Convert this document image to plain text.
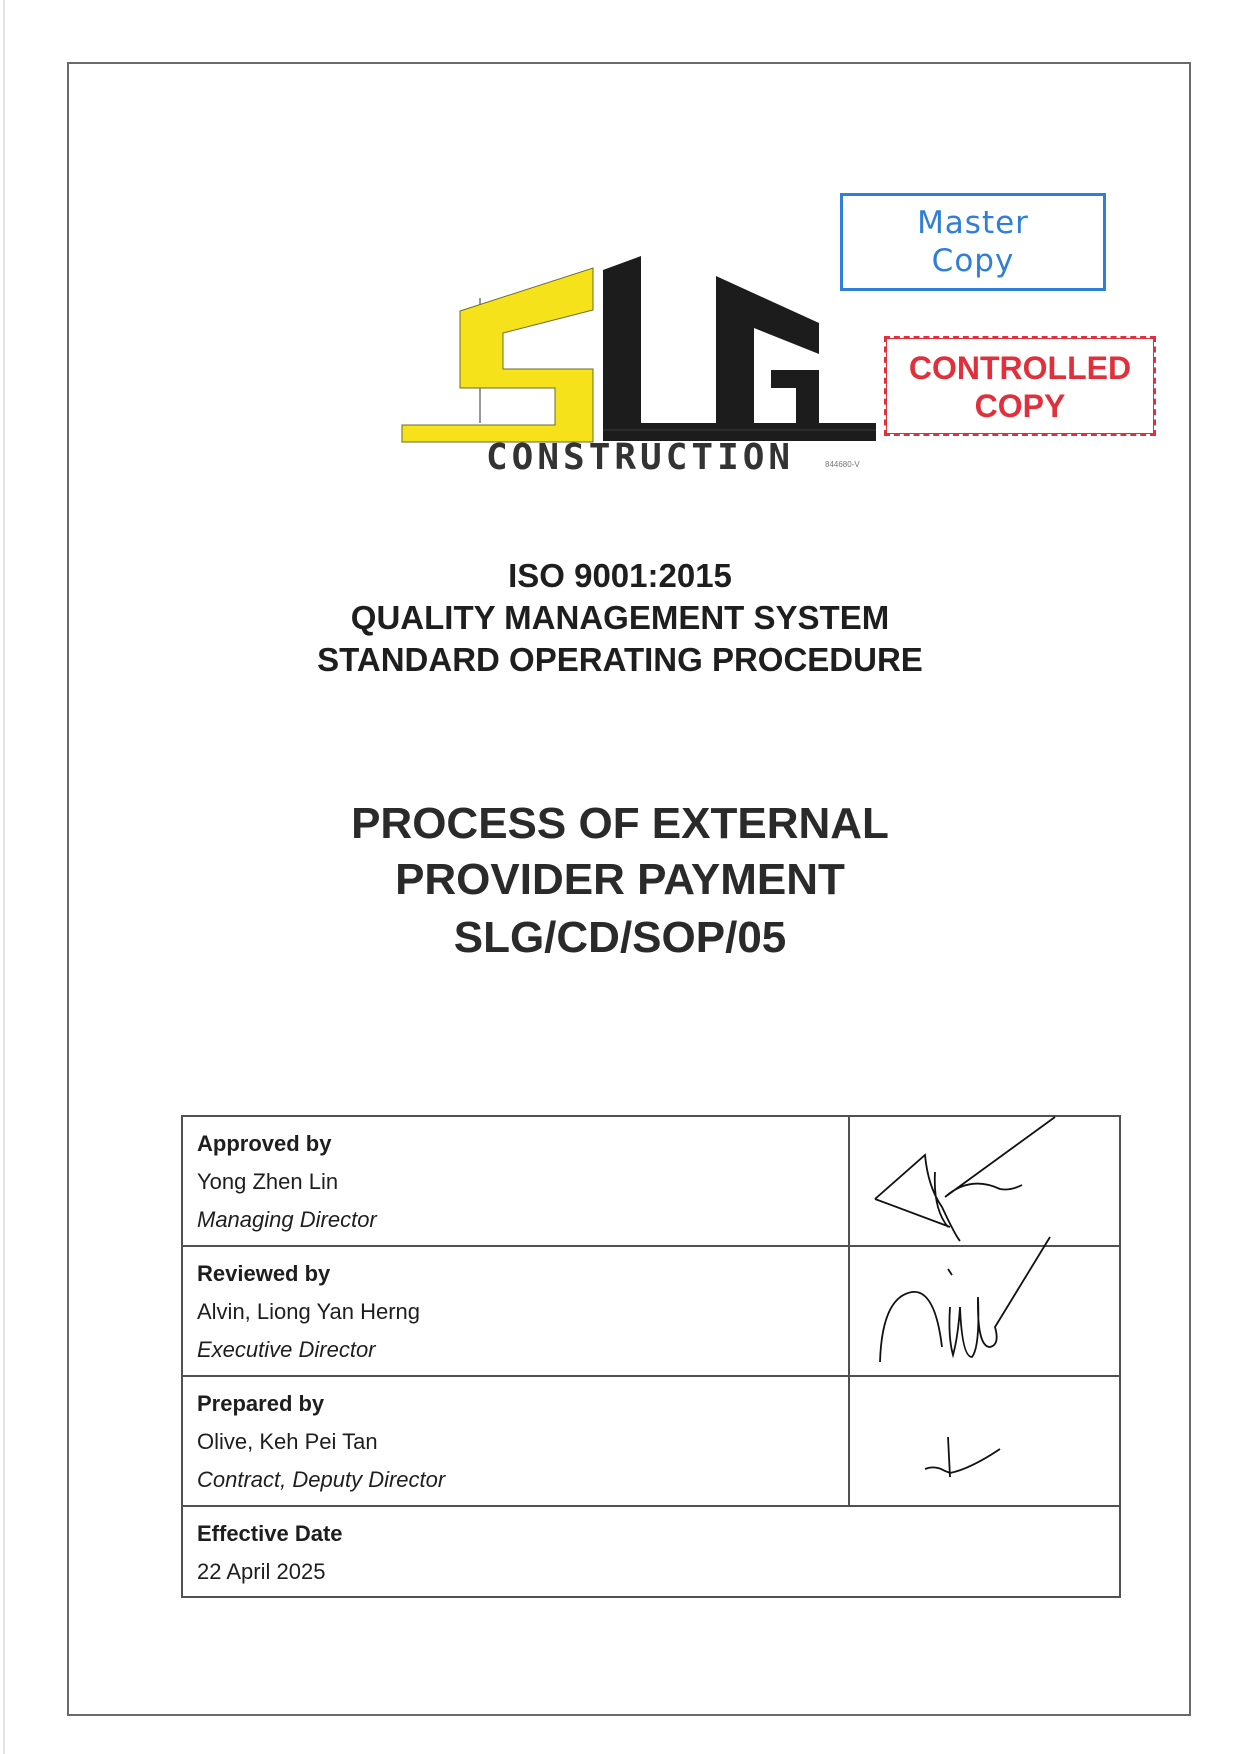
CONSTRUCTION	844680-V
Master
Copy
CONTROLLED
COPY
ISO 9001:2015
QUALITY MANAGEMENT SYSTEM
STANDARD OPERATING PROCEDURE
PROCESS OF EXTERNAL
PROVIDER PAYMENT
SLG/CD/SOP/05
Approved by
Yong Zhen Lin
Managing Director
Reviewed by
Alvin, Liong Yan Herng
Executive Director
Prepared by
Olive, Keh Pei Tan
Contract, Deputy Director
Effective Date
22 April 2025
